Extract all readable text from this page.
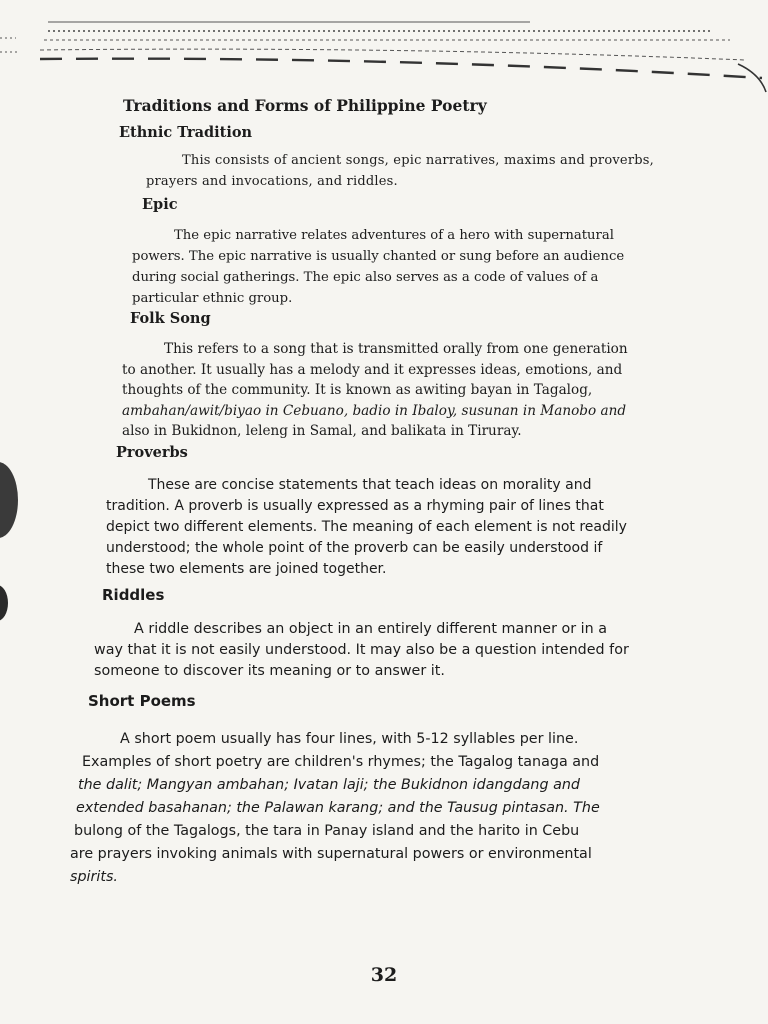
Traditions and Forms of Philippine Poetry
Ethnic Tradition

This consists of ancient songs, epic narratives, maxims and proverbs,
prayers and invocations, and riddles.

Epic

The epic narrative relates adventures of a hero with supernatural
powers. The epic narrative is usually chanted or sung before an audience
during social gatherings. The epic also serves as a code of values of a
particular ethnic group.

Folk Song

This refers to a song that is transmitted orally from one generation
to another. It usually has a melody and it expresses ideas, emotions, and
thoughts of the community. It is known as awiting bayan in Tagalog,
ambahan/awit/biyao in Cebuano, badio in Ibaloy, susunan in Manobo and
also in Bukidnon, leleng in Samal, and balikata in Tiruray.

Proverbs

These are concise statements that teach ideas on morality and
tradition. A proverb is usually expressed as a rhyming pair of lines that
depict two different elements. The meaning of each element is not readily
understood; the whole point of the proverb can be easily understood if
these two elements are joined together.

Riddles

A riddle describes an object in an entirely different manner or in a
way that it is not easily understood. It may also be a question intended for
someone to discover its meaning or to answer it.

Short Poems

A short poem usually has four lines, with 5-12 syllables per line.
Examples of short poetry are children's rhymes; the Tagalog tanaga and
the dalit; Mangyan ambahan; Ivatan laji; the Bukidnon idangdang and
extended basahanan; the Palawan karang; and the Tausug pintasan. The
bulong of the Tagalogs, the tara in Panay island and the harito in Cebu
are prayers invoking animals with supernatural powers or environmental
spirits.

32
